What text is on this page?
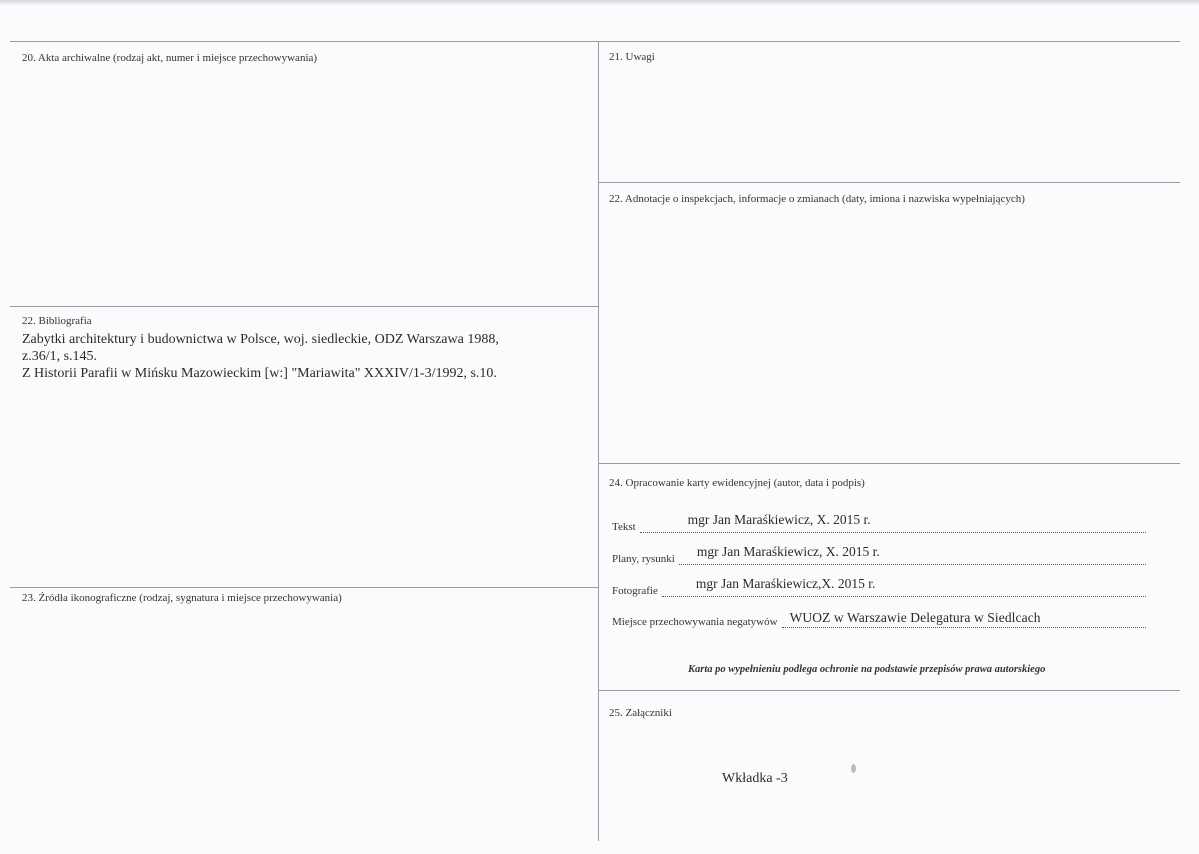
20. Akta archiwalne (rodzaj akt, numer i miejsce przechowywania)	21. Uwagi
22. Adnotacje o inspekcjach, informacje o zmianach (daty, imiona i nazwiska wypełniających)
22. Bibliografia
Zabytki architektury i budownictwa w Polsce, woj. siedleckie, ODZ Warszawa 1988,
z.36/1, s.145.
Z Historii Parafii w Mińsku Mazowieckim [w:] "Mariawita" XXXIV/1-3/1992, s.10.
24. Opracowanie karty ewidencyjnej (autor, data i podpis)
Tekst	mgr Jan Maraśkiewicz, X. 2015 r.
Plany, rysunki mgr Jan Maraśkiewicz, X. 2015 r.
Fotografie	mgr Jan Maraśkiewicz,X. 2015 r.
Miejsce przechowywania negatywów WUOZ w Warszawie Delegatura w Siedlcach
Karta po wypełnieniu podlega ochronie na podstawie przepisów prawa autorskiego
23. Źródła ikonograficzne (rodzaj, sygnatura i miejsce przechowywania)
25. Załączniki
Wkładka -3
